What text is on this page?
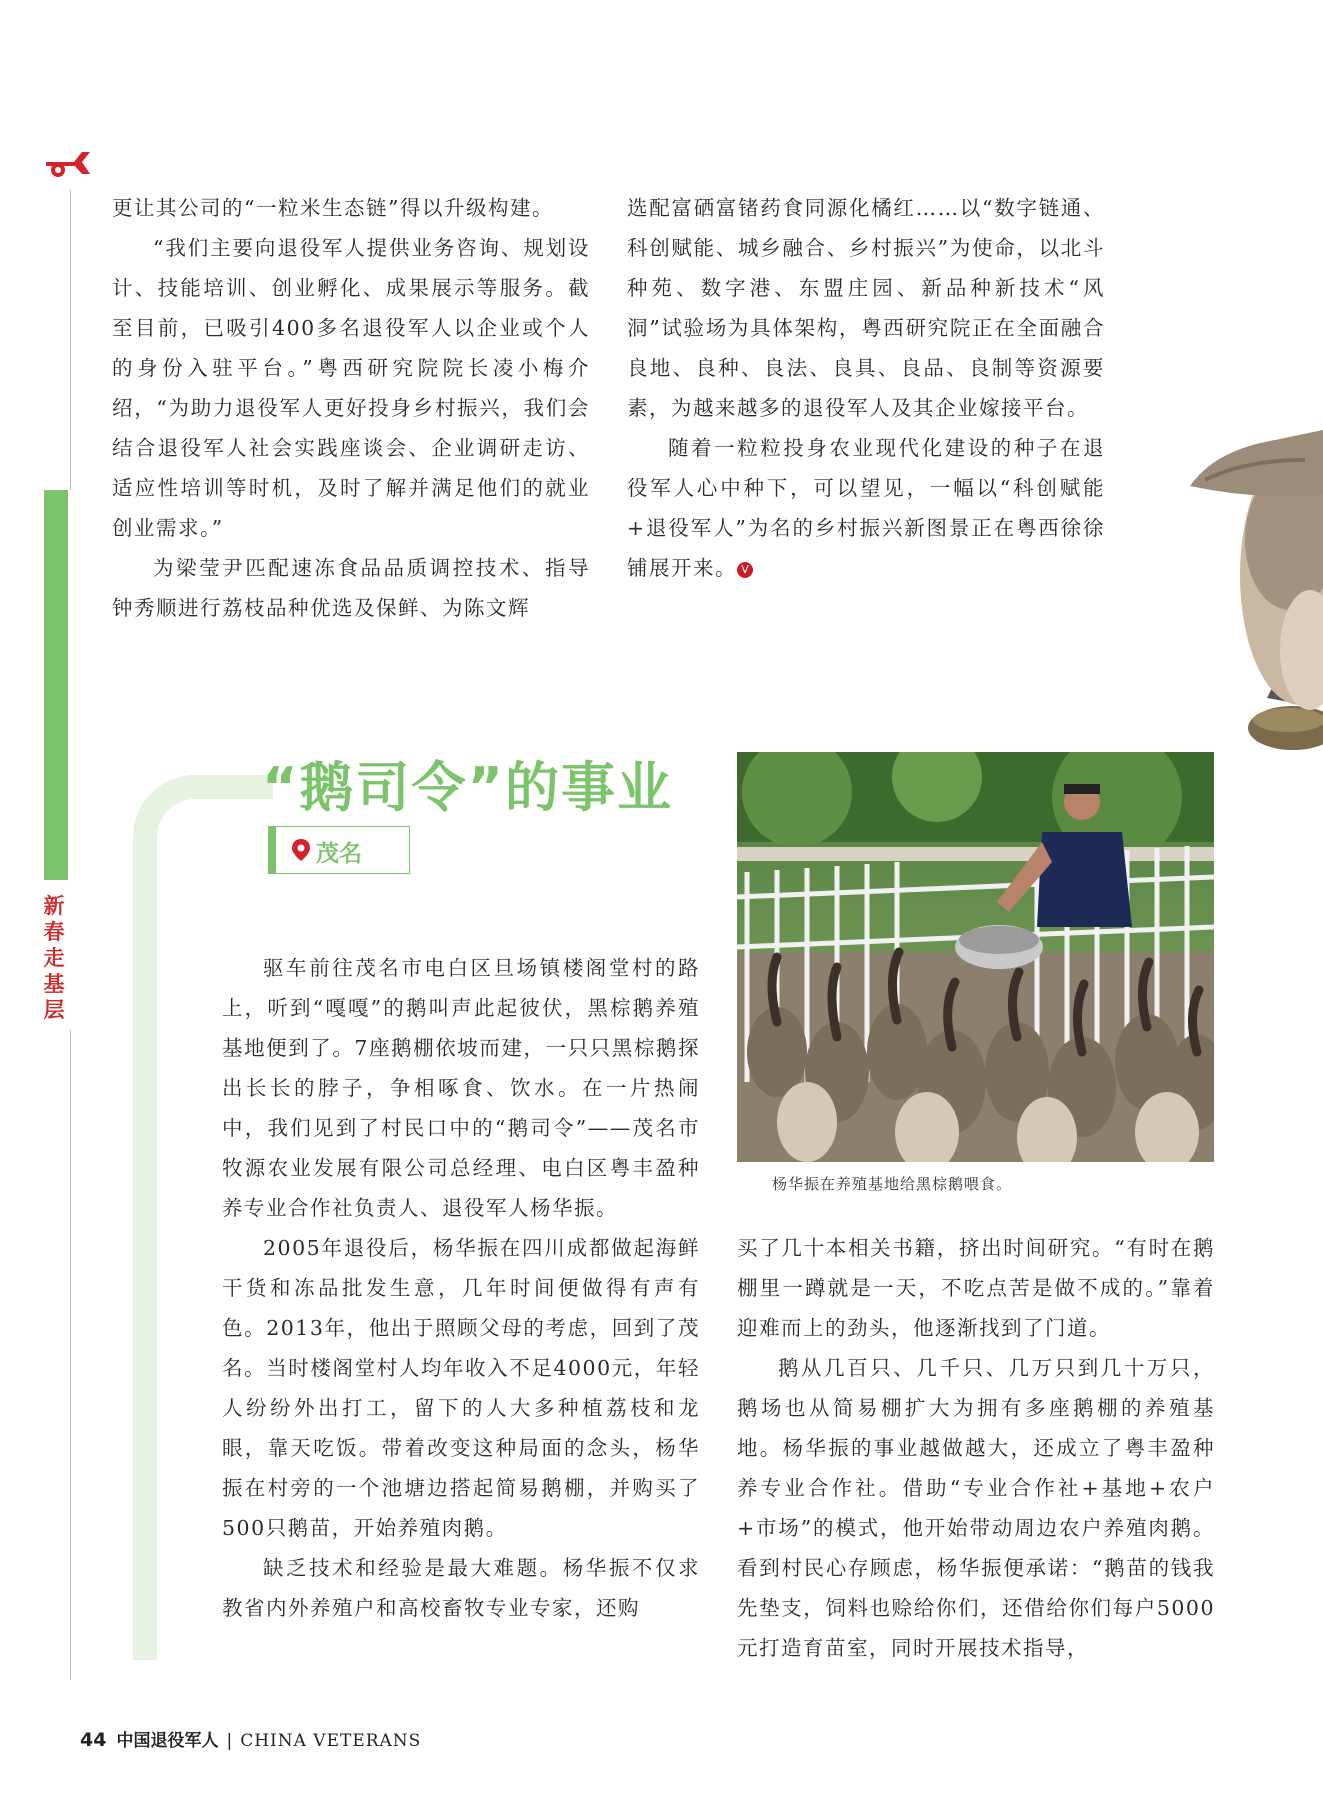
新春走基层

更让其公司的“一粒米生态链”得以升级构建。

“我们主要向退役军人提供业务咨询、规划设计、技能培训、创业孵化、成果展示等服务。截至目前，已吸引400多名退役军人以企业或个人的身份入驻平台。”粤西研究院院长凌小梅介绍，“为助力退役军人更好投身乡村振兴，我们会结合退役军人社会实践座谈会、企业调研走访、适应性培训等时机，及时了解并满足他们的就业创业需求。”

为梁莹尹匹配速冻食品品质调控技术、指导钟秀顺进行荔枝品种优选及保鲜、为陈文辉

选配富硒富锗药食同源化橘红……以“数字链通、科创赋能、城乡融合、乡村振兴”为使命，以北斗种苑、数字港、东盟庄园、新品种新技术“风洞”试验场为具体架构，粤西研究院正在全面融合良地、良种、良法、良具、良品、良制等资源要素，为越来越多的退役军人及其企业嫁接平台。

随着一粒粒投身农业现代化建设的种子在退役军人心中种下，可以望见，一幅以“科创赋能+退役军人”为名的乡村振兴新图景正在粤西徐徐铺展开来。 V

“鹅司令”的事业
茂名
杨华振在养殖基地给黑棕鹅喂食。

驱车前往茂名市电白区旦场镇楼阁堂村的路上，听到“嘎嘎”的鹅叫声此起彼伏，黑棕鹅养殖基地便到了。7座鹅棚依坡而建，一只只黑棕鹅探出长长的脖子，争相啄食、饮水。在一片热闹中，我们见到了村民口中的“鹅司令”——茂名市牧源农业发展有限公司总经理、电白区粤丰盈种养专业合作社负责人、退役军人杨华振。

2005年退役后，杨华振在四川成都做起海鲜干货和冻品批发生意，几年时间便做得有声有色。2013年，他出于照顾父母的考虑，回到了茂名。当时楼阁堂村人均年收入不足4000元，年轻人纷纷外出打工，留下的人大多种植荔枝和龙眼，靠天吃饭。带着改变这种局面的念头，杨华振在村旁的一个池塘边搭起简易鹅棚，并购买了500只鹅苗，开始养殖肉鹅。

缺乏技术和经验是最大难题。杨华振不仅求教省内外养殖户和高校畜牧专业专家，还购

买了几十本相关书籍，挤出时间研究。“有时在鹅棚里一蹲就是一天，不吃点苦是做不成的。”靠着迎难而上的劲头，他逐渐找到了门道。

鹅从几百只、几千只、几万只到几十万只，鹅场也从简易棚扩大为拥有多座鹅棚的养殖基地。杨华振的事业越做越大，还成立了粤丰盈种养专业合作社。借助“专业合作社+基地+农户+市场”的模式，他开始带动周边农户养殖肉鹅。看到村民心存顾虑，杨华振便承诺：“鹅苗的钱我先垫支，饲料也赊给你们，还借给你们每户5000元打造育苗室，同时开展技术指导，

44 中国退役军人 | CHINA VETERANS
